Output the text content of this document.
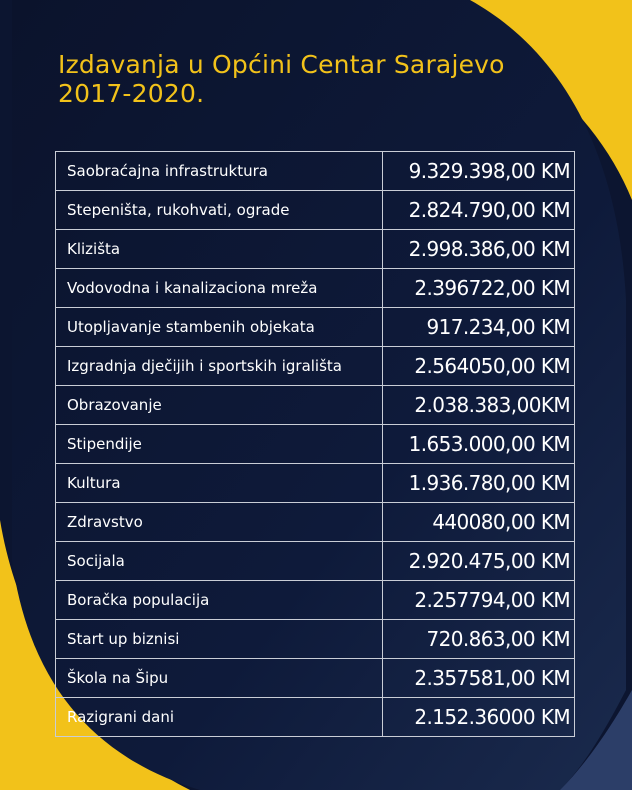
Izdavanja u Općini Centar Sarajevo
2017-2020.
Saobraćajna infrastruktura	9.329.398,00 KM
Stepeništa, rukohvati, ograde	2.824.790,00 KM
Klizišta	2.998.386,00 KM
Vodovodna i kanalizaciona mreža	2.396722,00 KM
Utopljavanje stambenih objekata	917.234,00 KM
Izgradnja dječijih i sportskih igrališta	2.564050,00 KM
Obrazovanje	2.038.383,00KM
Stipendije	1.653.000,00 KM
Kultura	1.936.780,00 KM
Zdravstvo	440080,00 KM
Socijala	2.920.475,00 KM
Boračka populacija	2.257794,00 KM
Start up biznisi	720.863,00 KM
Škola na Šipu	2.357581,00 KM
Razigrani dani	2.152.36000 KM
